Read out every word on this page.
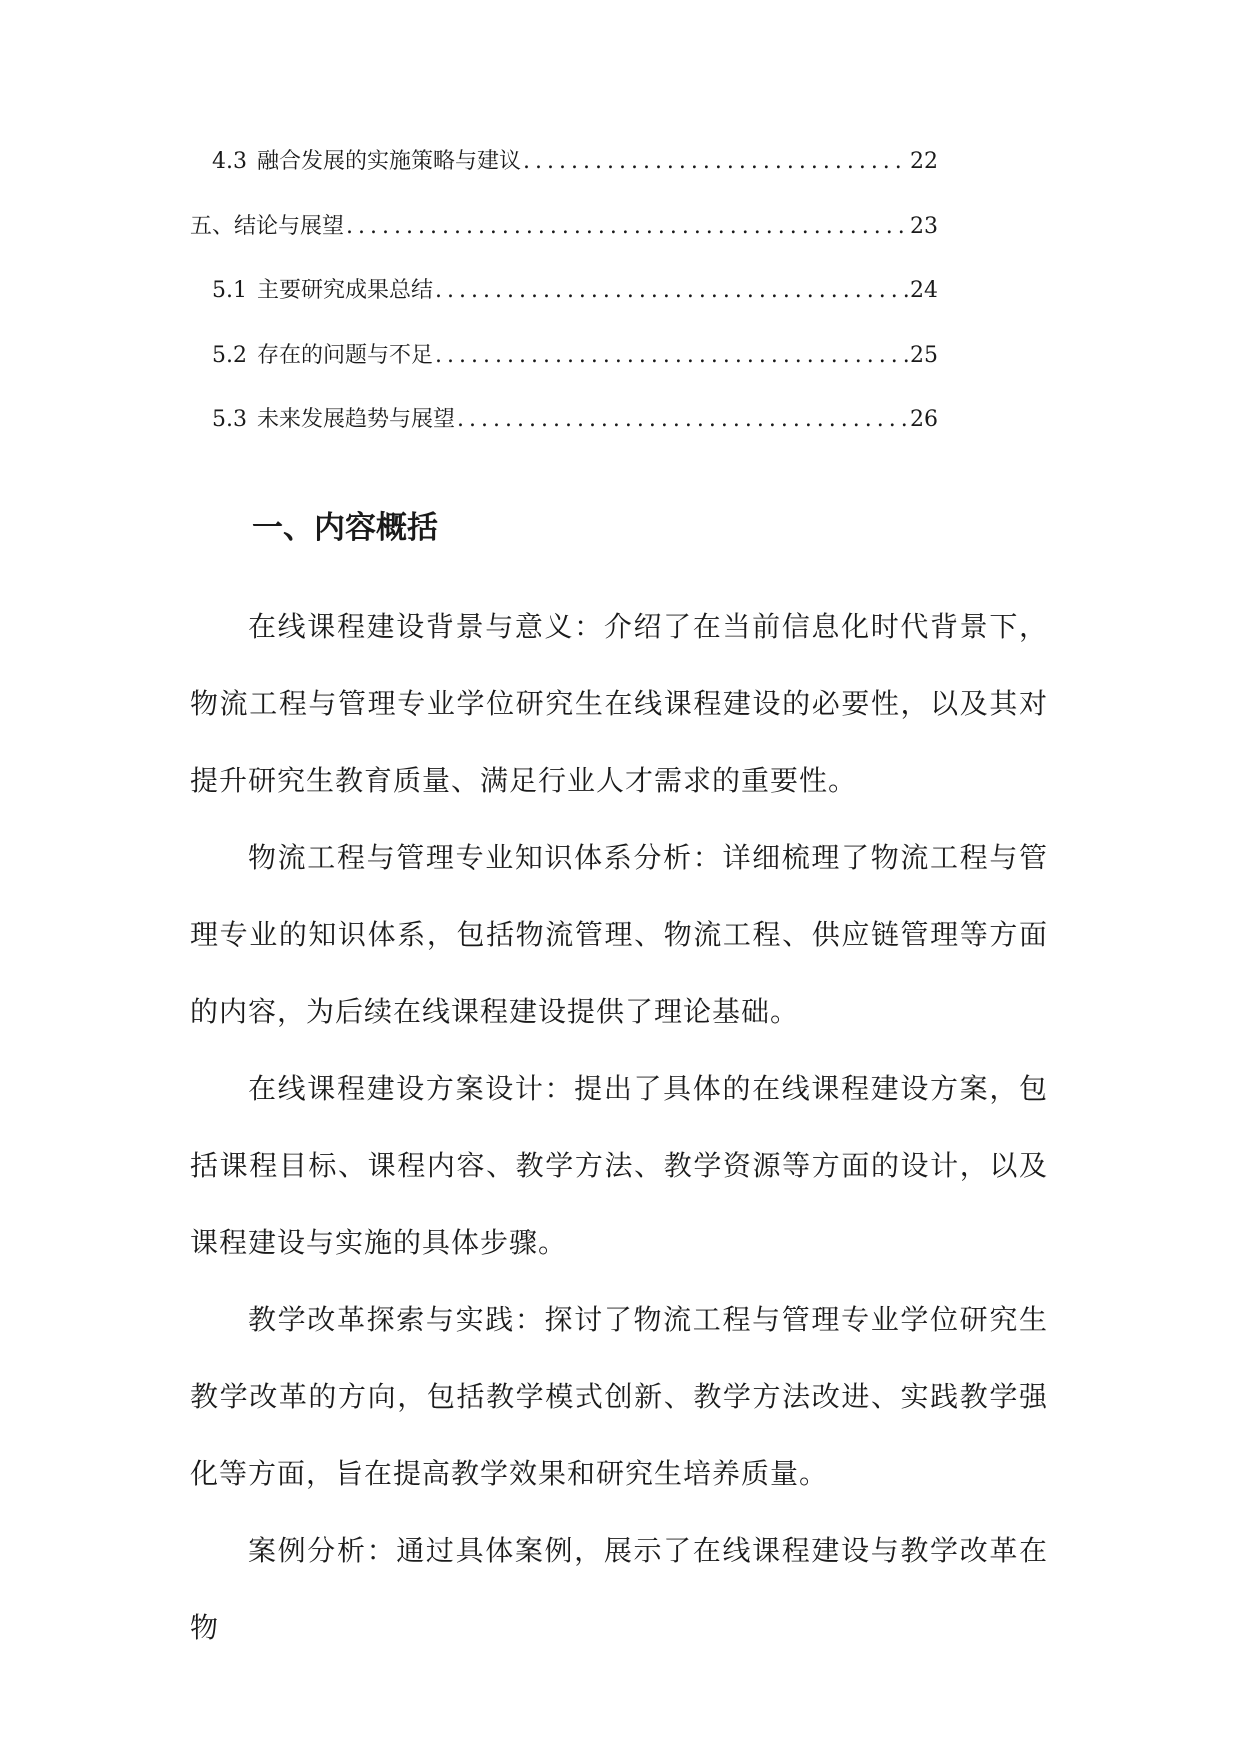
4.3 融合发展的实施策略与建议 .....	22
五、结论与展望 .....	23
5.1 主要研究成果总结 .....	24
5.2 存在的问题与不足 .....	25
5.3 未来发展趋势与展望 .....	26
一、内容概括

在线课程建设背景与意义：介绍了在当前信息化时代背景下，物流工程与管理专业学位研究生在线课程建设的必要性，以及其对提升研究生教育质量、满足行业人才需求的重要性。

物流工程与管理专业知识体系分析：详细梳理了物流工程与管理专业的知识体系，包括物流管理、物流工程、供应链管理等方面的内容，为后续在线课程建设提供了理论基础。

在线课程建设方案设计：提出了具体的在线课程建设方案，包括课程目标、课程内容、教学方法、教学资源等方面的设计，以及课程建设与实施的具体步骤。

教学改革探索与实践：探讨了物流工程与管理专业学位研究生教学改革的方向，包括教学模式创新、教学方法改进、实践教学强化等方面，旨在提高教学效果和研究生培养质量。

案例分析：通过具体案例，展示了在线课程建设与教学改革在物
